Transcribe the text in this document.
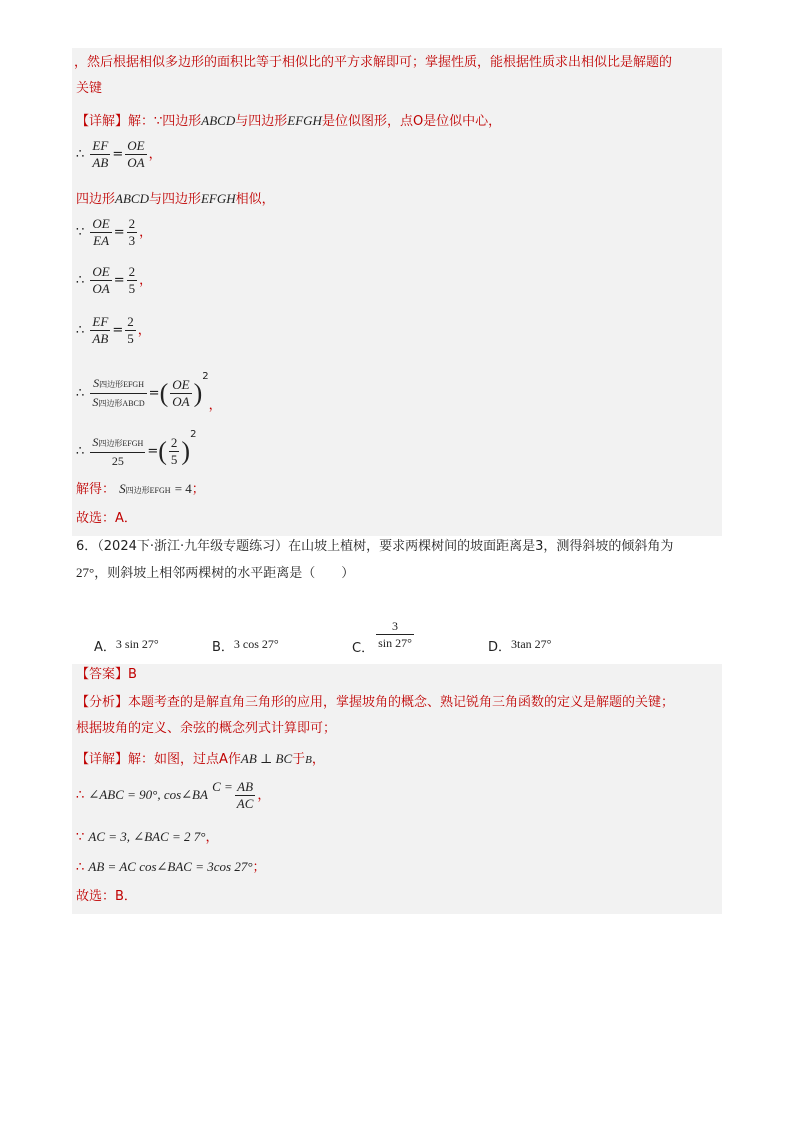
，然后根据相似多边形的面积比等于相似比的平方求解即可；掌握性质，能根据性质求出相似比是解题的
关键
【详解】解：∵四边形ABCD与四边形EFGH是位似图形，点O是位似中心，
∴ $\frac{EF}{AB} = \frac{OE}{OA}$ ，
四边形ABCD与四边形EFGH相似，
∵ $\frac{OE}{EA} = \frac{2}{3}$ ，
∴ $\frac{OE}{OA} = \frac{2}{5}$ ，
∴ $\frac{EF}{AB} = \frac{2}{5}$ ，
∴ $\frac{\text{S四边形EFGH}}{\text{S四边形ABCD}}$ =( $\frac{OE}{OA} )^2$，
∴ $\frac{\text{S四边形EFGH}}{25}$ =( $\frac{2}{5} )^2$
解得： S四边形EFGH = 4；
故选：A．
6．（2024下·浙江·九年级专题练习）在山坡上植树，要求两棵树间的坡面距离是3，测得斜坡的倾斜角为
27°，则斜坡上相邻两棵树的水平距离是（　　）
A．3 sin 27°	B．3 cos 27°	C． $\frac{3}{\sin 27^\circ}$	D．3tan 27°
【答案】B
【分析】本题考查的是解直角三角形的应用，掌握坡角的概念、熟记锐角三角函数的定义是解题的关键；
根据坡角的定义、余弦的概念列式计算即可；
【详解】解：如图，过点A作AB ⊥ BC于B，
∴ ∠ABC = 90°, cos∠BA $C = \frac{AB}{AC}$ ，
∵ AC = 3, ∠BAC = 2 7°，
∴ AB = AC cos∠BAC = 3cos 27°；
故选：B．
